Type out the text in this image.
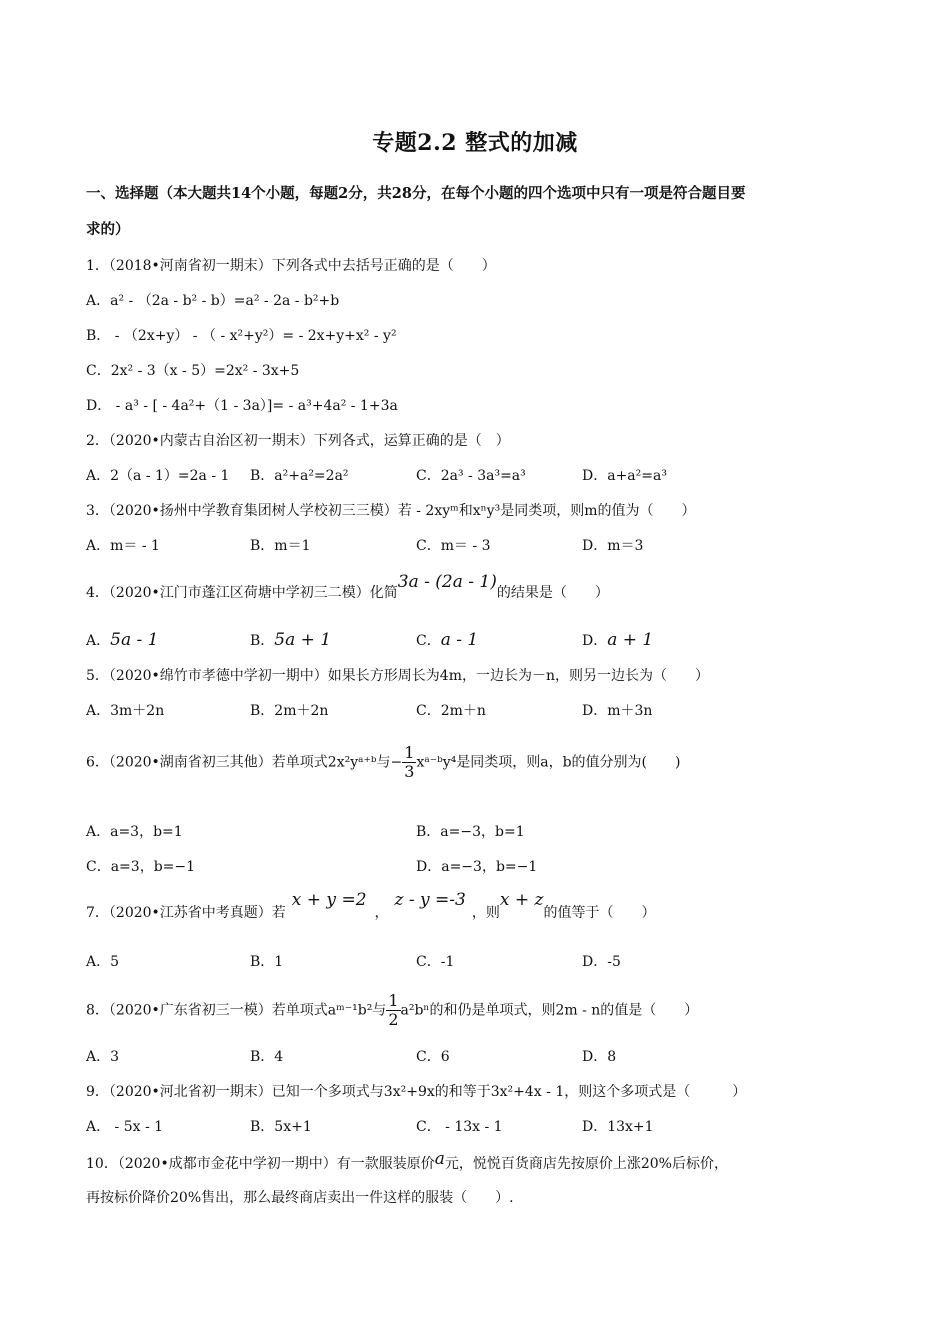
专题2.2 整式的加减
一、选择题（本大题共14个小题，每题2分，共28分，在每个小题的四个选项中只有一项是符合题目要
求的）
1．（2018•河南省初一期末）下列各式中去括号正确的是（　　）
A．a² - （2a - b² - b）=a² - 2a - b²+b
B． - （2x+y） - （ - x²+y²）= - 2x+y+x² - y²
C．2x² - 3（x - 5）=2x² - 3x+5
D． - a³ - [ - 4a²+（1 - 3a）]= - a³+4a² - 1+3a
2．（2020•内蒙古自治区初一期末）下列各式，运算正确的是（　）
A．2（a - 1）=2a - 1 B．a²+a²=2a²	C．2a³ - 3a³=a³	D．a+a²=a³
3．（2020•扬州中学教育集团树人学校初三三模）若 - 2xyᵐ和xⁿy³是同类项，则m的值为（　　）
A．m＝ - 1	B．m＝1	C．m＝ - 3	D．m＝3
4．（2020•江门市蓬江区荷塘中学初三二模）化简3a - (2a - 1)的结果是（　　）
A．5a - 1	B．5a + 1	C．a - 1	D．a + 1
5．（2020•绵竹市孝德中学初一期中）如果长方形周长为4m，一边长为－n，则另一边长为（　　）
A．3m＋2n	B．2m＋2n	C．2m＋n	D．m＋3n
6．（2020•湖南省初三其他）若单项式2x²yᵃ⁺ᵇ与− $\frac{1}{3}$ xᵃ⁻ᵇy⁴是同类项，则a，b的值分别为(　　)
A．a=3，b=1	B．a=−3，b=1
C．a=3，b=−1	D．a=−3，b=−1
7．（2020•江苏省中考真题）若x + y =2，z - y =-3，则x + z的值等于（　　）
A．5	B．1	C．-1	D．-5
8．（2020•广东省初三一模）若单项式aᵐ⁻¹b²与 $\frac{1}{2} a^2b^n$的和仍是单项式，则2m - n的值是（　　）
A．3	B．4	C．6	D．8
9．（2020•河北省初一期末）已知一个多项式与3x²+9x的和等于3x²+4x - 1，则这个多项式是（　　　）
A． - 5x - 1	B．5x+1	C． - 13x - 1	D．13x+1
10．（2020•成都市金花中学初一期中）有一款服装原价a元，悦悦百货商店先按原价上涨20%后标价，
再按标价降价20%售出，那么最终商店卖出一件这样的服装（　　）.
